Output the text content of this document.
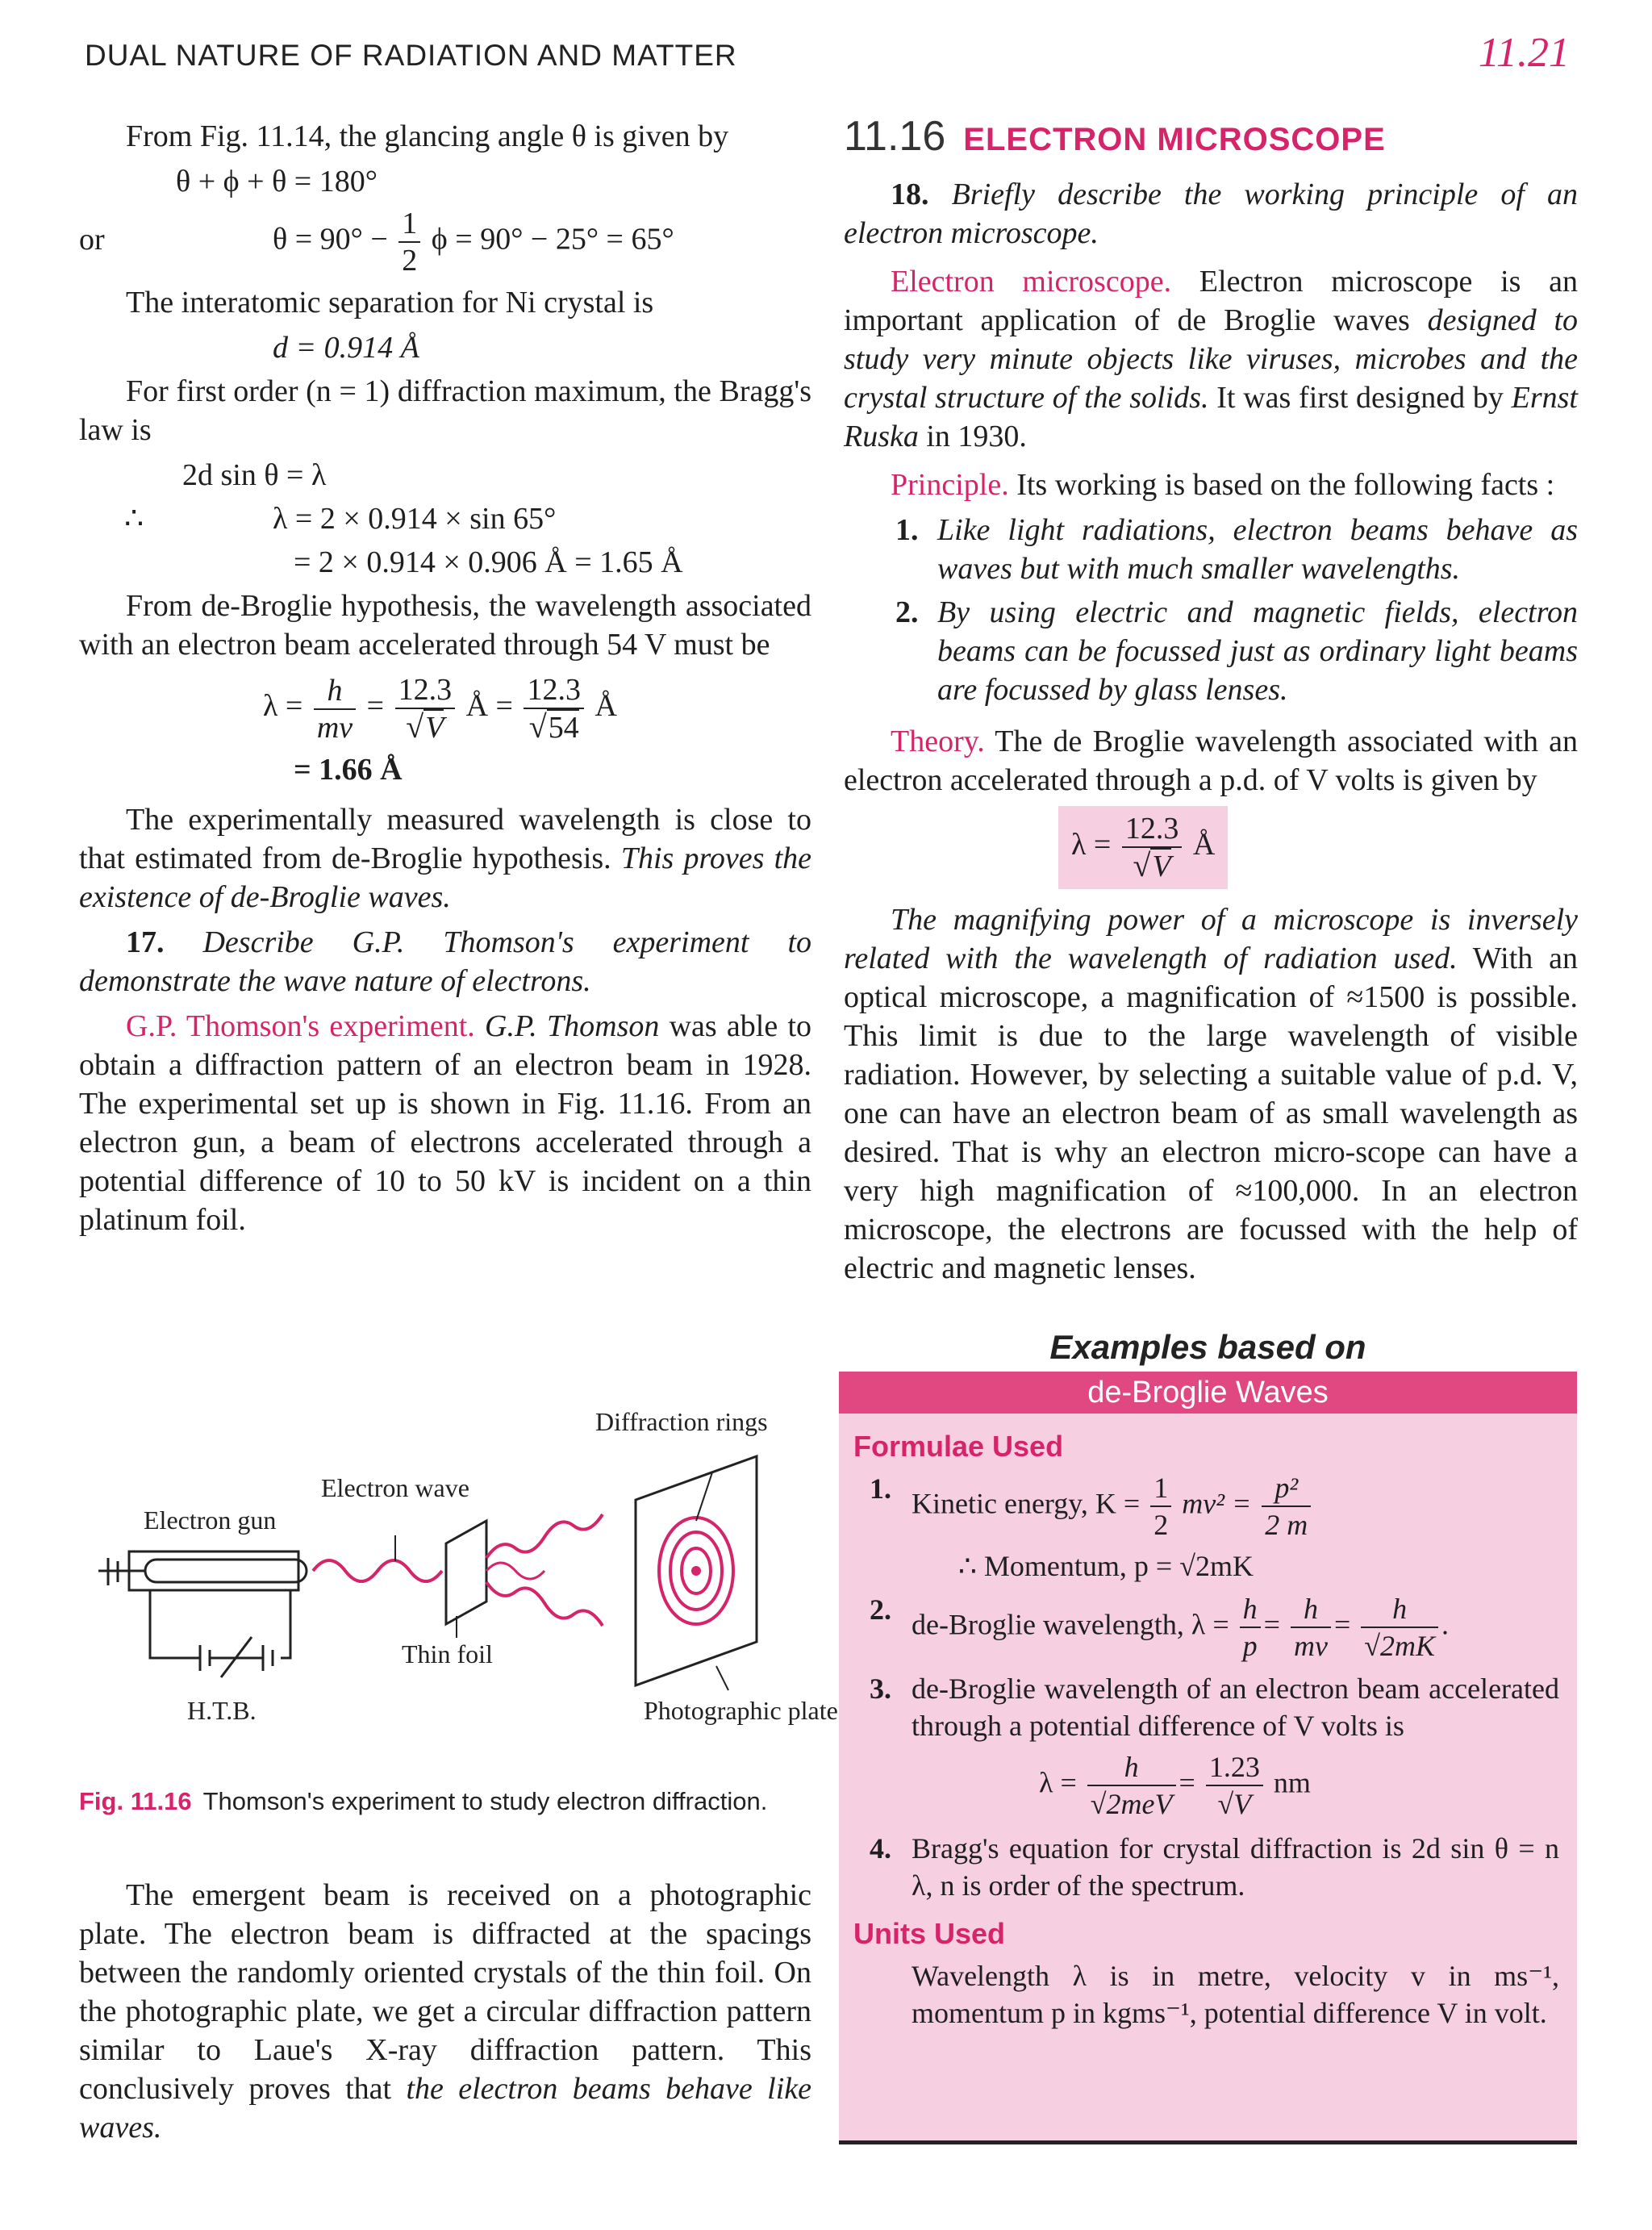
DUAL NATURE OF RADIATION AND MATTER	11.21

From Fig. 11.14, the glancing angle θ is given by

θ + ϕ + θ = 180°
or	$\theta = 90^\circ - \frac{1}{2}$ ϕ = 90° − 25° = 65°

The interatomic separation for Ni crystal is

d = 0.914 Å

For first order (n = 1) diffraction maximum, the Bragg's law is

2d sin θ = λ
∴	λ = 2 × 0.914 × sin 65°
= 2 × 0.914 × 0.906 Å = 1.65 Å

From de-Broglie hypothesis, the wavelength associated with an electron beam accelerated through 54 V must be

$\lambda = \frac{h}{mv} = \frac{12.3}{√V}$ Å = $\frac{12.3}{√54}$ Å
= 1.66 Å

The experimentally measured wavelength is close to that estimated from de-Broglie hypothesis. This proves the existence of de-Broglie waves.

17. Describe G.P. Thomson's experiment to demonstrate the wave nature of electrons.

G.P. Thomson's experiment. G.P. Thomson was able to obtain a diffraction pattern of an electron beam in 1928. The experimental set up is shown in Fig. 11.16. From an electron gun, a beam of electrons accelerated through a potential difference of 10 to 50 kV is incident on a thin platinum foil.

Diffraction rings
Electron wave
Electron gun
Thin foil
H.T.B.	Photographic plate
Fig. 11.16 Thomson's experiment to study electron diffraction.

The emergent beam is received on a photographic plate. The electron beam is diffracted at the spacings between the randomly oriented crystals of the thin foil. On the photographic plate, we get a circular diffraction pattern similar to Laue's X-ray diffraction pattern. This conclusively proves that the electron beams behave like waves.

11.16 ELECTRON MICROSCOPE

18. Briefly describe the working principle of an electron microscope.

Electron microscope. Electron microscope is an important application of de Broglie waves designed to study very minute objects like viruses, microbes and the crystal structure of the solids. It was first designed by Ernst Ruska in 1930.

Principle. Its working is based on the following facts :

1. Like light radiations, electron beams behave as waves but with much smaller wavelengths.
2. By using electric and magnetic fields, electron beams can be focussed just as ordinary light beams are focussed by glass lenses.

Theory. The de Broglie wavelength associated with an electron accelerated through a p.d. of V volts is given by

$\lambda = \frac{12.3}{√V}$ Å

The magnifying power of a microscope is inversely related with the wavelength of radiation used. With an optical microscope, a magnification of ≈1500 is possible. This limit is due to the large wavelength of visible radiation. However, by selecting a suitable value of p.d. V, one can have an electron beam of as small wavelength as desired. That is why an electron micro-scope can have a very high magnification of ≈100,000. In an electron microscope, the electrons are focussed with the help of electric and magnetic lenses.

Examples based on
de-Broglie Waves
Formulae Used
1. Kinetic energy, $K = \frac{1}{2} mv^2 = \frac{\text{p²}}{2 m}$
∴ Momentum, p = √2mK
2. de-Broglie wavelength, $\lambda = \frac{h}{p} = \frac{h}{mv} = \frac{h}{√2mK}$ .
3. de-Broglie wavelength of an electron beam accelerated through a potential difference of V volts is
$\lambda = \frac{h}{\text{√2meV}} = \frac{1.23}{√V}$ nm
4. Bragg's equation for crystal diffraction is 2d sin θ = n λ, n is order of the spectrum.
Units Used
Wavelength λ is in metre, velocity v in ms⁻¹, momentum p in kgms⁻¹, potential difference V in volt.
